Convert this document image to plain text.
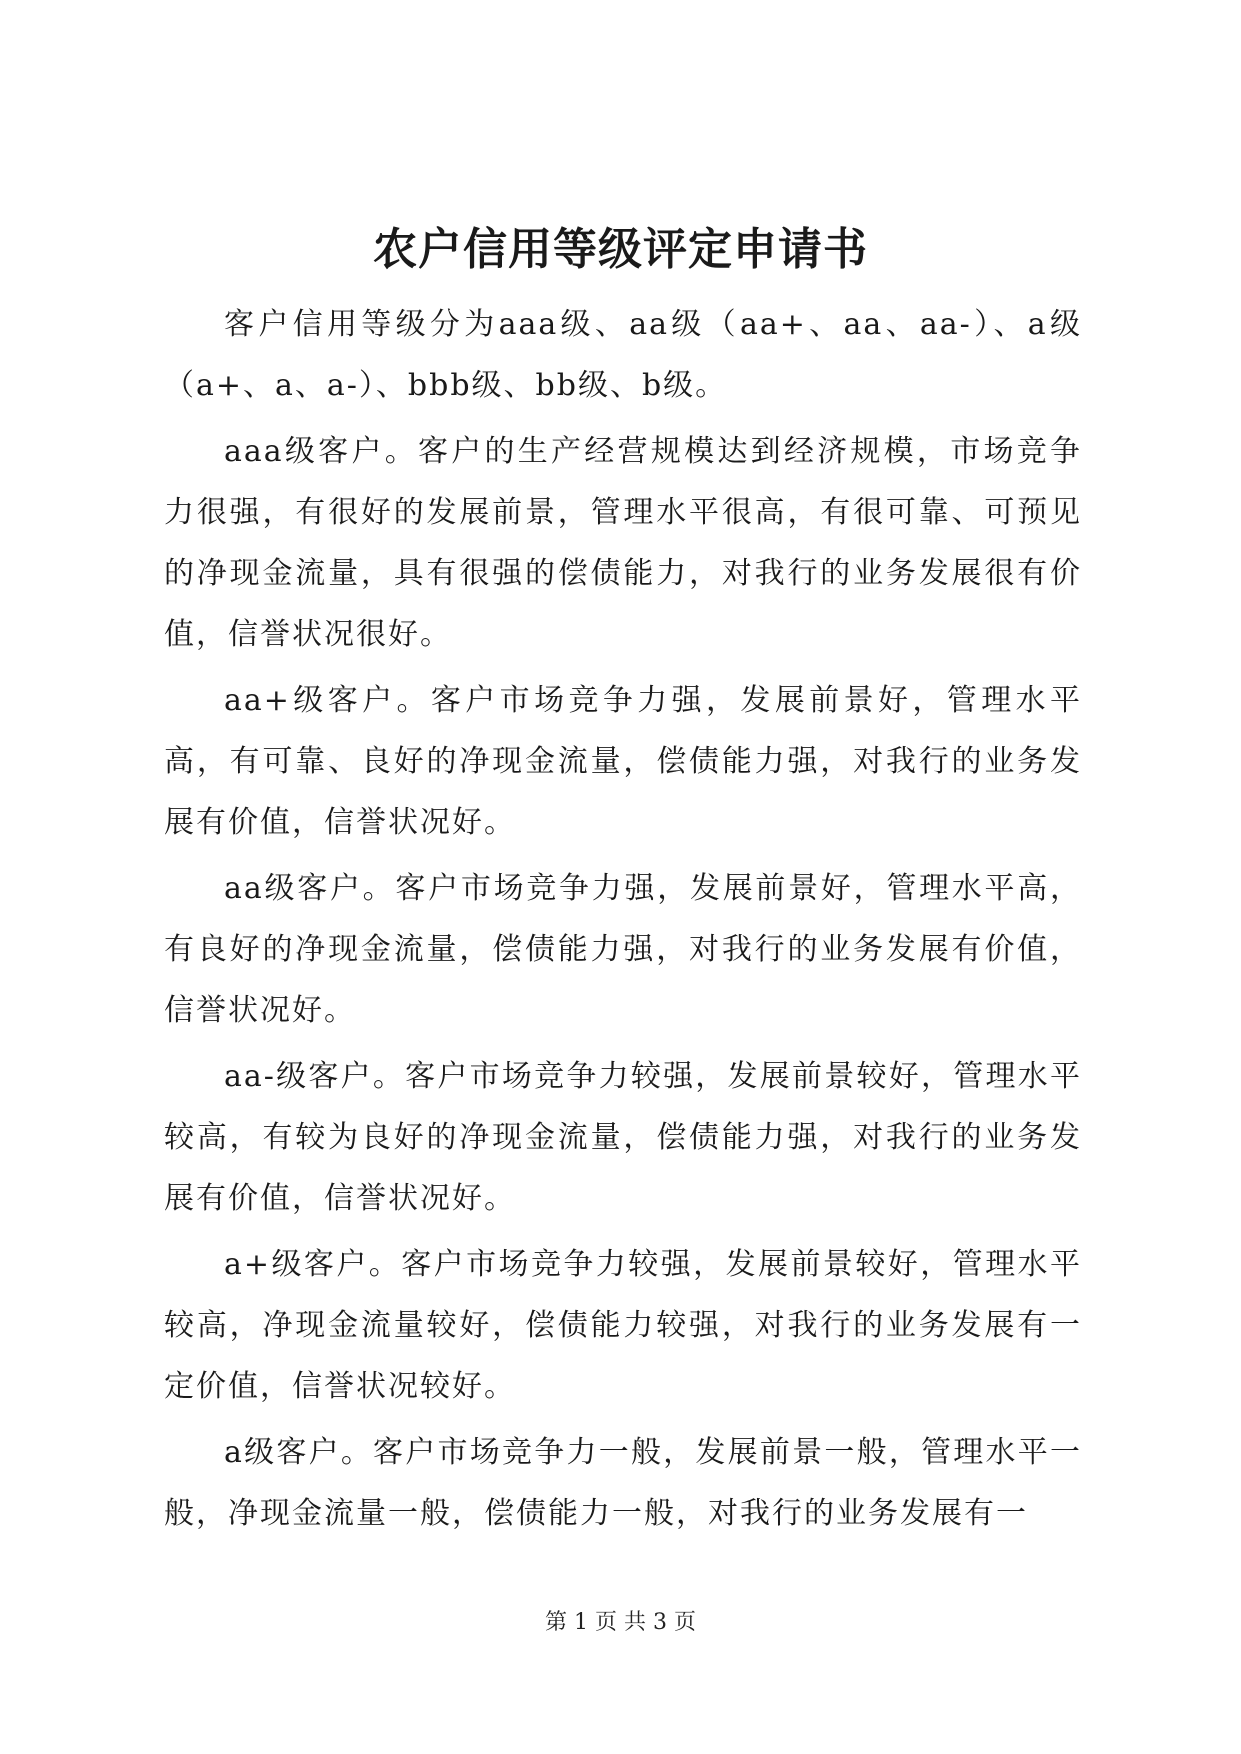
农户信用等级评定申请书

客户信用等级分为aaa级、aa级（aa+、aa、aa-）、a级（a+、a、a-）、bbb级、bb级、b级。

aaa级客户。客户的生产经营规模达到经济规模，市场竞争力很强，有很好的发展前景，管理水平很高，有很可靠、可预见的净现金流量，具有很强的偿债能力，对我行的业务发展很有价值，信誉状况很好。

aa+级客户。客户市场竞争力强，发展前景好，管理水平高，有可靠、良好的净现金流量，偿债能力强，对我行的业务发展有价值，信誉状况好。

aa级客户。客户市场竞争力强，发展前景好，管理水平高，有良好的净现金流量，偿债能力强，对我行的业务发展有价值，信誉状况好。

aa-级客户。客户市场竞争力较强，发展前景较好，管理水平较高，有较为良好的净现金流量，偿债能力强，对我行的业务发展有价值，信誉状况好。

a+级客户。客户市场竞争力较强，发展前景较好，管理水平较高，净现金流量较好，偿债能力较强，对我行的业务发展有一定价值，信誉状况较好。

a级客户。客户市场竞争力一般，发展前景一般，管理水平一般，净现金流量一般，偿债能力一般，对我行的业务发展有一

第 1 页 共 3 页
